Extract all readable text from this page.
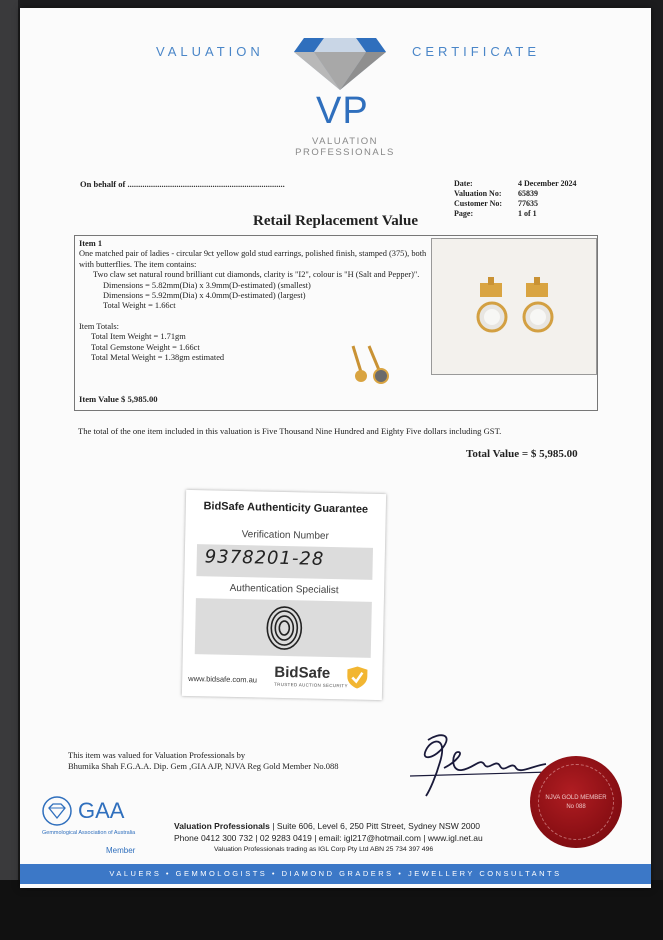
VALUATION	CERTIFICATE
VP
VALUATION
PROFESSIONALS
On behalf of ..........................................................................	Date:	4 December 2024
Valuation No:	65839
Customer No:	77635
Page:	1 of 1
Retail Replacement Value
Item 1
One matched pair of ladies - circular 9ct yellow gold stud earrings, polished finish, stamped (375), both with butterflies. The item contains:
Two claw set natural round brilliant cut diamonds, clarity is "I2", colour is "H (Salt and Pepper)".
Dimensions = 5.82mm(Dia) x 3.9mm(D-estimated) (smallest)
Dimensions = 5.92mm(Dia) x 4.0mm(D-estimated) (largest)
Total Weight = 1.66ct
Item Totals:
Total Item Weight = 1.71gm
Total Gemstone Weight = 1.66ct
Total Metal Weight = 1.38gm estimated
Item Value $ 5,985.00
The total of the one item included in this valuation is Five Thousand Nine Hundred and Eighty Five dollars including GST.
Total Value = $ 5,985.00
BidSafe Authenticity Guarantee
Verification Number
9378201-28
Authentication Specialist
www.bidsafe.com.au BidSafe
TRUSTED AUCTION SECURITY
This item was valued for Valuation Professionals by
Bhumika Shah F.G.A.A. Dip. Gem ,GIA AJP, NJVA Reg Gold Member No.088
NJVA GOLD MEMBER
No 088
GAA
Gemmological Association of Australia
Member
Valuation Professionals | Suite 606, Level 6, 250 Pitt Street, Sydney NSW 2000
Phone 0412 300 732 | 02 9283 0419 | email: igl217@hotmail.com | www.igl.net.au
Valuation Professionals trading as IGL Corp Pty Ltd ABN 25 734 397 496
VALUERS • GEMMOLOGISTS • DIAMOND GRADERS • JEWELLERY CONSULTANTS
